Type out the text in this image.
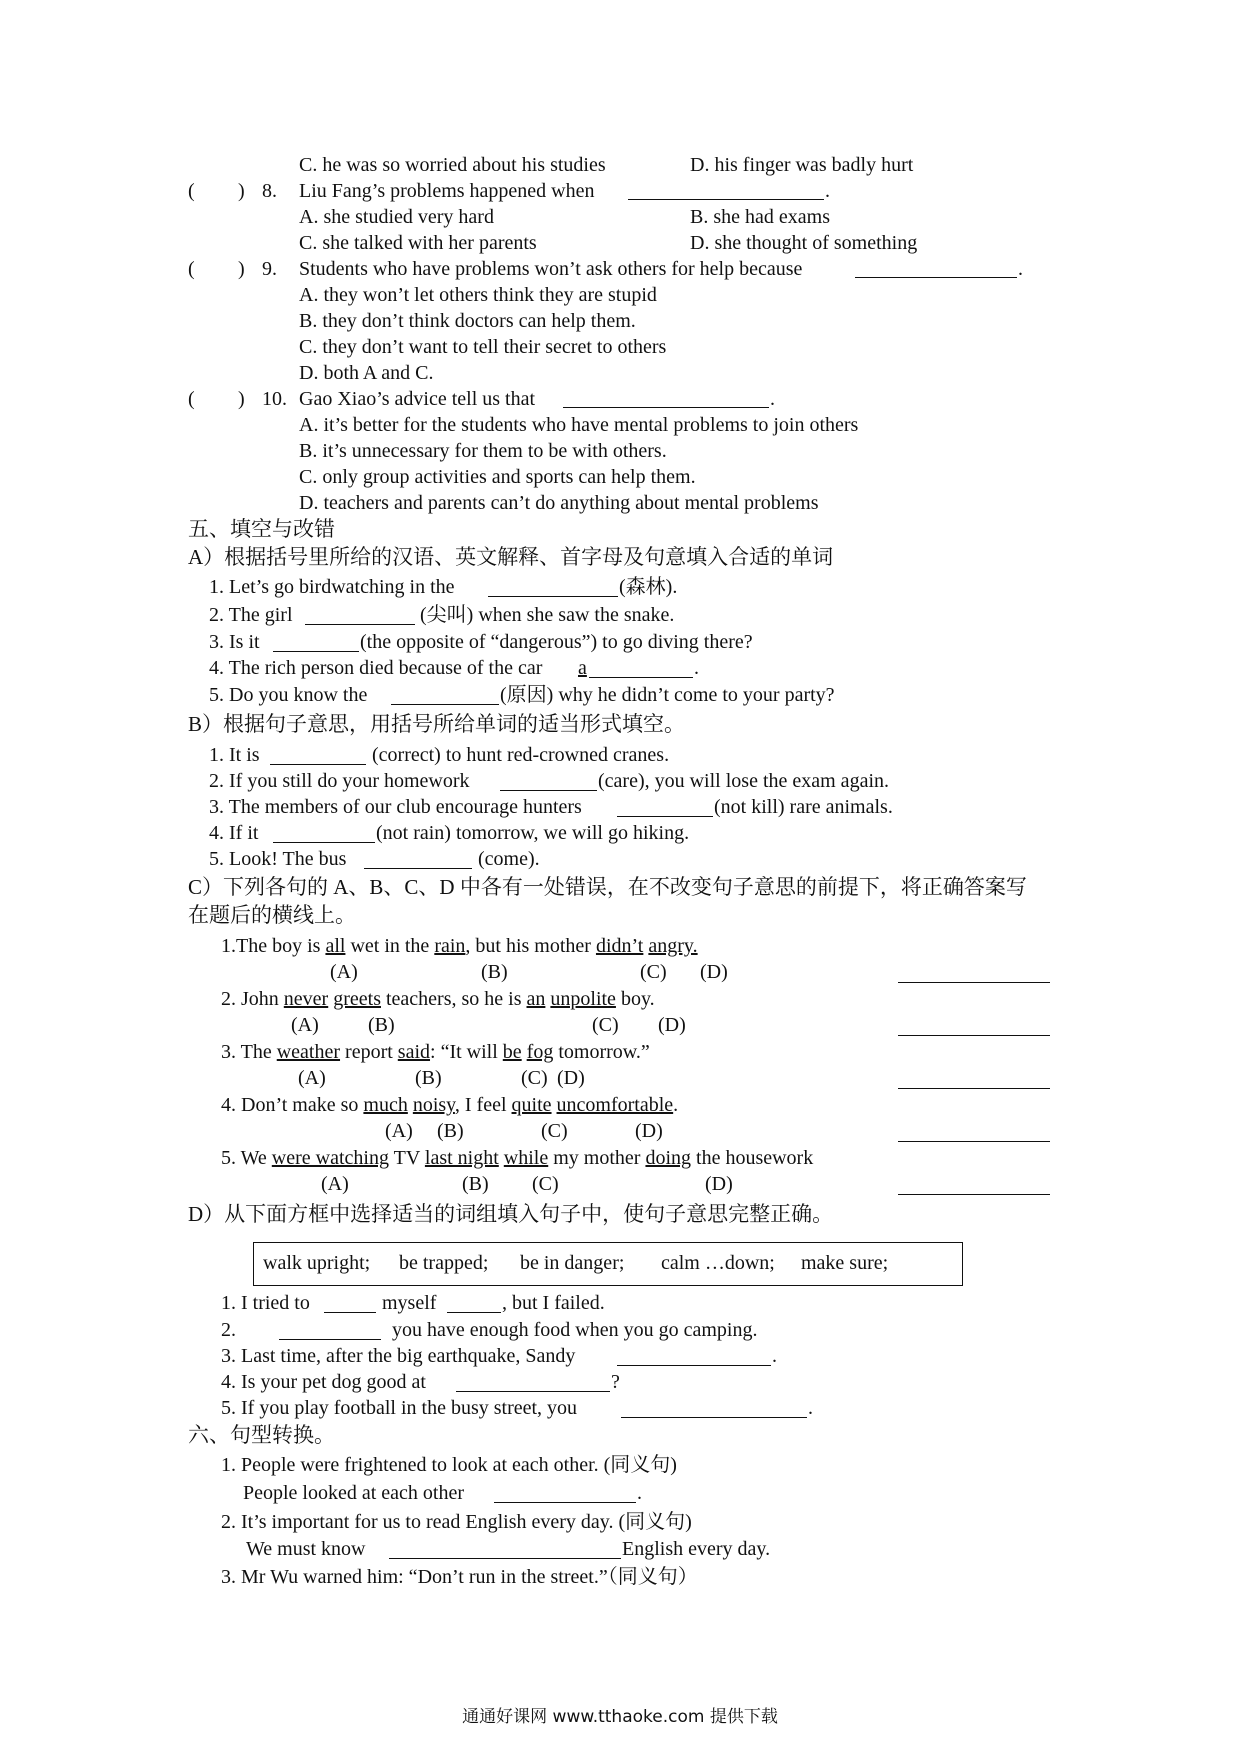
C. he was so worried about his studies	D. his finger was badly hurt
( ) 8. Liu Fang’s problems happened when	.
A. she studied very hard	B. she had exams
C. she talked with her parents	D. she thought of something
( ) 9. Students who have problems won’t ask others for help because	.
A. they won’t let others think they are stupid
B. they don’t think doctors can help them.
C. they don’t want to tell their secret to others
D. both A and C.
( ) 10. Gao Xiao’s advice tell us that	.
A. it’s better for the students who have mental problems to join others
B. it’s unnecessary for them to be with others.
C. only group activities and sports can help them.
D. teachers and parents can’t do anything about mental problems
五、填空与改错
A）根据括号里所给的汉语、英文解释、首字母及句意填入合适的单词
1. Let’s go birdwatching in the	(森林).
2. The girl	(尖叫) when she saw the snake.
3. Is it	(the opposite of “dangerous”) to go diving there?
4. The rich person died because of the car a	.
5. Do you know the	(原因) why he didn’t come to your party?
B）根据句子意思，用括号所给单词的适当形式填空。
1. It is	(correct) to hunt red-crowned cranes.
2. If you still do your homework	(care), you will lose the exam again.
3. The members of our club encourage hunters	(not kill) rare animals.
4. If it	(not rain) tomorrow, we will go hiking.
5. Look! The bus	(come).
C）下列各句的 A、B、C、D 中各有一处错误，在不改变句子意思的前提下，将正确答案写
在题后的横线上。
1.The boy is all wet in the rain, but his mother didn’t angry.
(A)	(B)	(C) (D)
2. John never greets teachers, so he is an unpolite boy.
(A) (B)	(C) (D)
3. The weather report said: “It will be fog tomorrow.”
(A)	(B)	(C) (D)
4. Don’t make so much noisy, I feel quite uncomfortable.
(A) (B)	(C)	(D)
5. We were watching TV last night while my mother doing the housework
(A)	(B) (C)	(D)
D）从下面方框中选择适当的词组填入句子中，使句子意思完整正确。
walk upright; be trapped; be in danger; calm …down; make sure;
1. I tried to	myself	, but I failed.
2.	you have enough food when you go camping.
3. Last time, after the big earthquake, Sandy	.
4. Is your pet dog good at	?
5. If you play football in the busy street, you	.
六、句型转换。
1. People were frightened to look at each other. (同义句)
People looked at each other	.
2. It’s important for us to read English every day. (同义句)
We must know	English every day.
3. Mr Wu warned him: “Don’t run in the street.”（同义句）
通通好课网 www.tthaoke.com 提供下载
